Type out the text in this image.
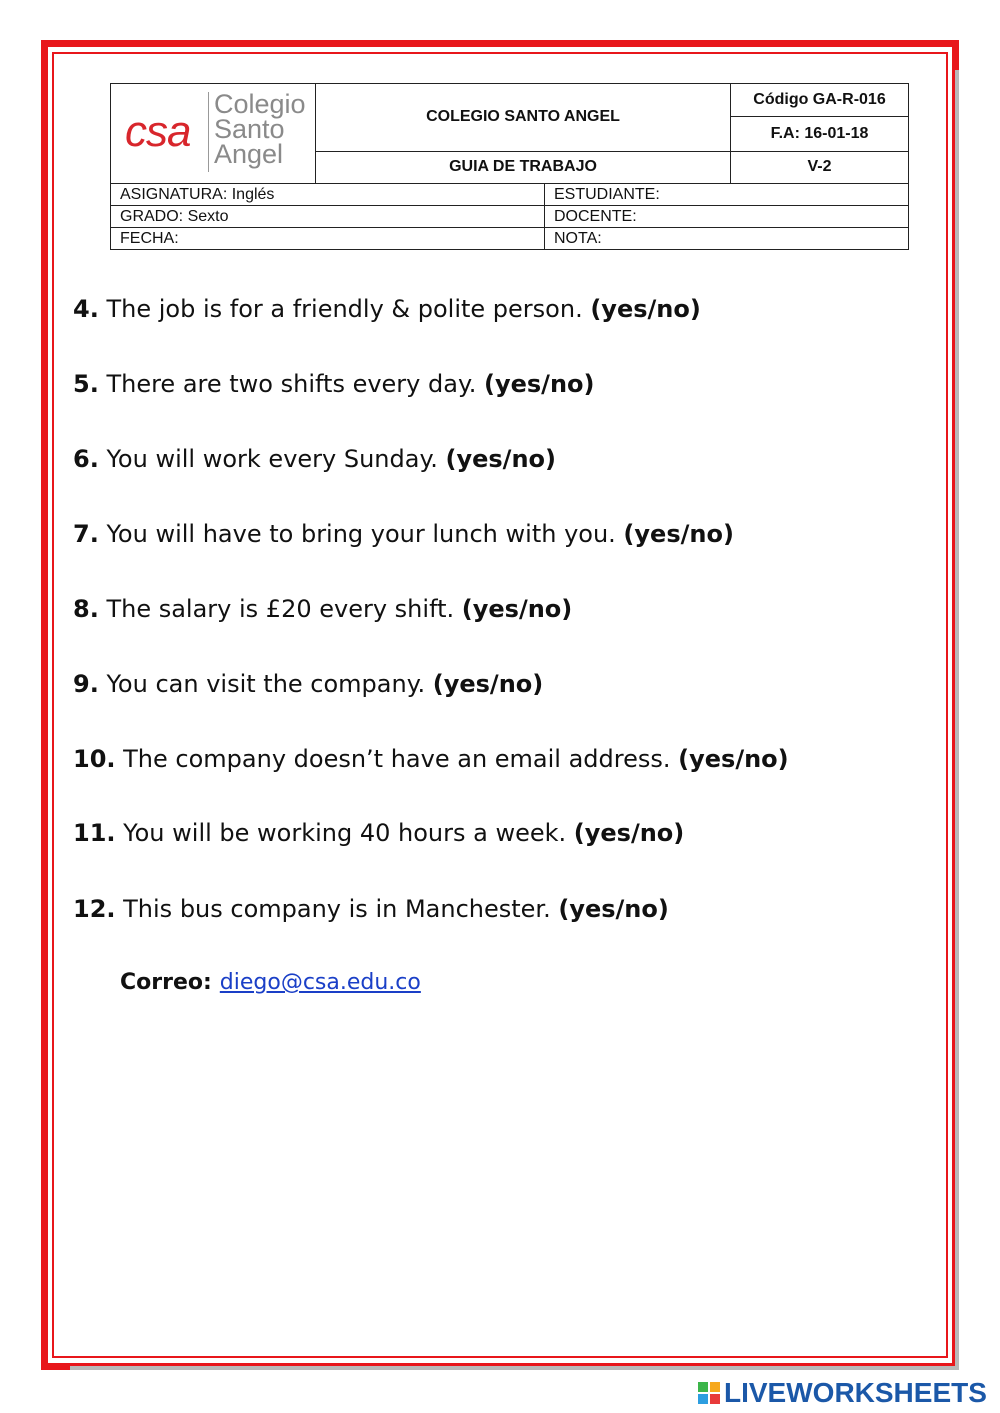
csa
Colegio
Santo
Angel	COLEGIO SANTO ANGEL	Código GA-R-016
		F.A: 16-01-18
	GUIA DE TRABAJO	V-2
ASIGNATURA: Inglés	ESTUDIANTE:
GRADO: Sexto	DOCENTE:
FECHA:	NOTA:
4. The job is for a friendly & polite person. (yes/no)
5. There are two shifts every day. (yes/no)
6. You will work every Sunday. (yes/no)
7. You will have to bring your lunch with you. (yes/no)
8. The salary is £20 every shift. (yes/no)
9. You can visit the company. (yes/no)
10. The company doesn’t have an email address. (yes/no)
11. You will be working 40 hours a week. (yes/no)
12. This bus company is in Manchester. (yes/no)
Correo: diego@csa.edu.co
LIVEWORKSHEETS
